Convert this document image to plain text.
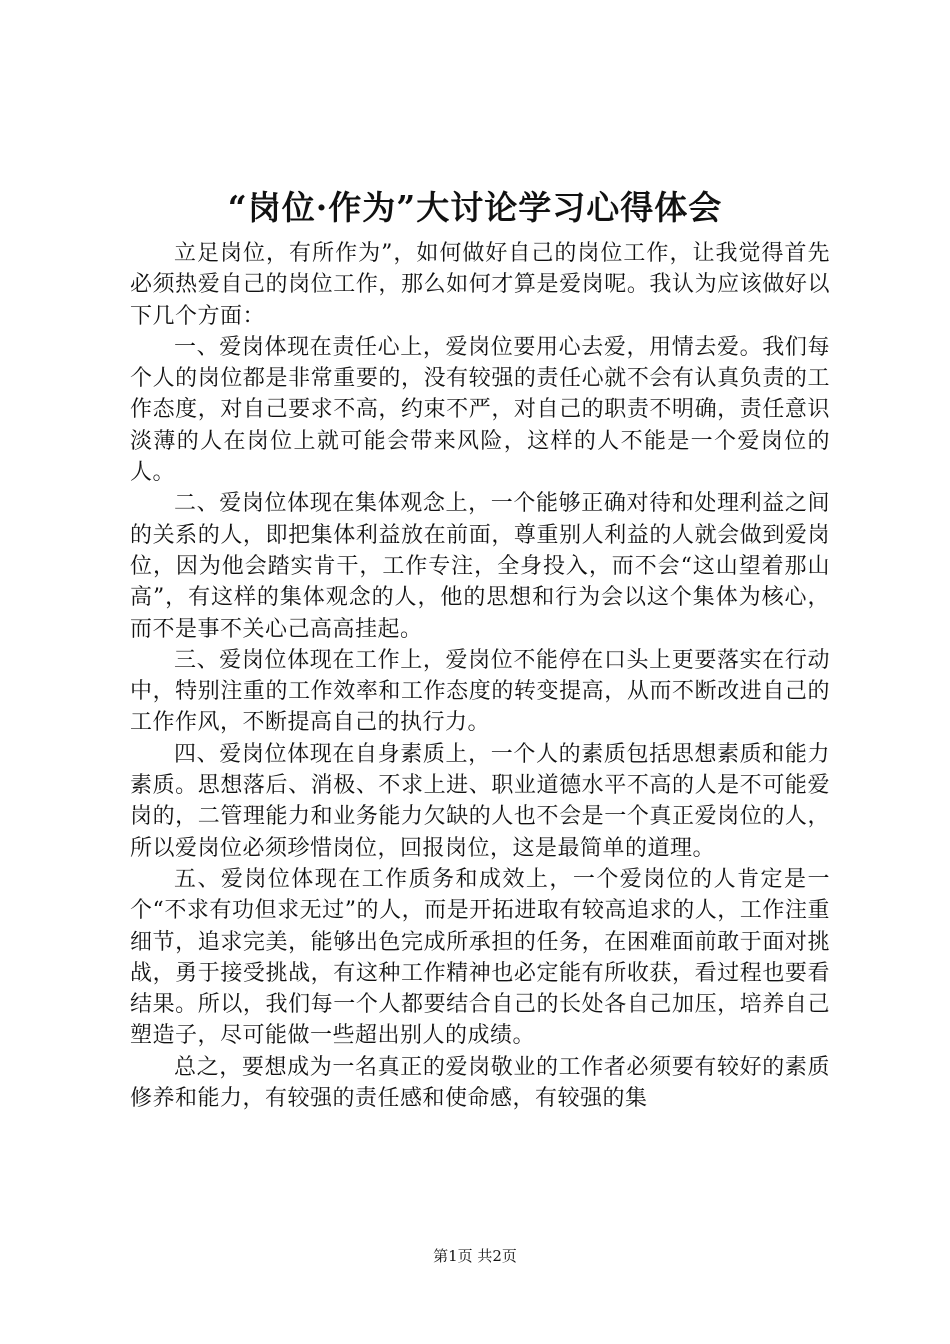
“岗位·作为”大讨论学习心得体会

立足岗位，有所作为”，如何做好自己的岗位工作，让我觉得首先必须热爱自己的岗位工作，那么如何才算是爱岗呢。我认为应该做好以下几个方面：

一、爱岗体现在责任心上，爱岗位要用心去爱，用情去爱。我们每个人的岗位都是非常重要的，没有较强的责任心就不会有认真负责的工作态度，对自己要求不高，约束不严，对自己的职责不明确，责任意识淡薄的人在岗位上就可能会带来风险，这样的人不能是一个爱岗位的人。

二、爱岗位体现在集体观念上，一个能够正确对待和处理利益之间的关系的人，即把集体利益放在前面，尊重别人利益的人就会做到爱岗位，因为他会踏实肯干，工作专注，全身投入，而不会“这山望着那山高”，有这样的集体观念的人，他的思想和行为会以这个集体为核心，而不是事不关心己高高挂起。

三、爱岗位体现在工作上，爱岗位不能停在口头上更要落实在行动中，特别注重的工作效率和工作态度的转变提高，从而不断改进自己的工作作风，不断提高自己的执行力。

四、爱岗位体现在自身素质上，一个人的素质包括思想素质和能力素质。思想落后、消极、不求上进、职业道德水平不高的人是不可能爱岗的，二管理能力和业务能力欠缺的人也不会是一个真正爱岗位的人，所以爱岗位必须珍惜岗位，回报岗位，这是最简单的道理。

五、爱岗位体现在工作质务和成效上，一个爱岗位的人肯定是一个“不求有功但求无过”的人，而是开拓进取有较高追求的人，工作注重细节，追求完美，能够出色完成所承担的任务，在困难面前敢于面对挑战，勇于接受挑战，有这种工作精神也必定能有所收获，看过程也要看结果。所以，我们每一个人都要结合自己的长处各自己加压，培养自己塑造子，尽可能做一些超出别人的成绩。

总之，要想成为一名真正的爱岗敬业的工作者必须要有较好的素质修养和能力，有较强的责任感和使命感，有较强的集

第1页 共2页
